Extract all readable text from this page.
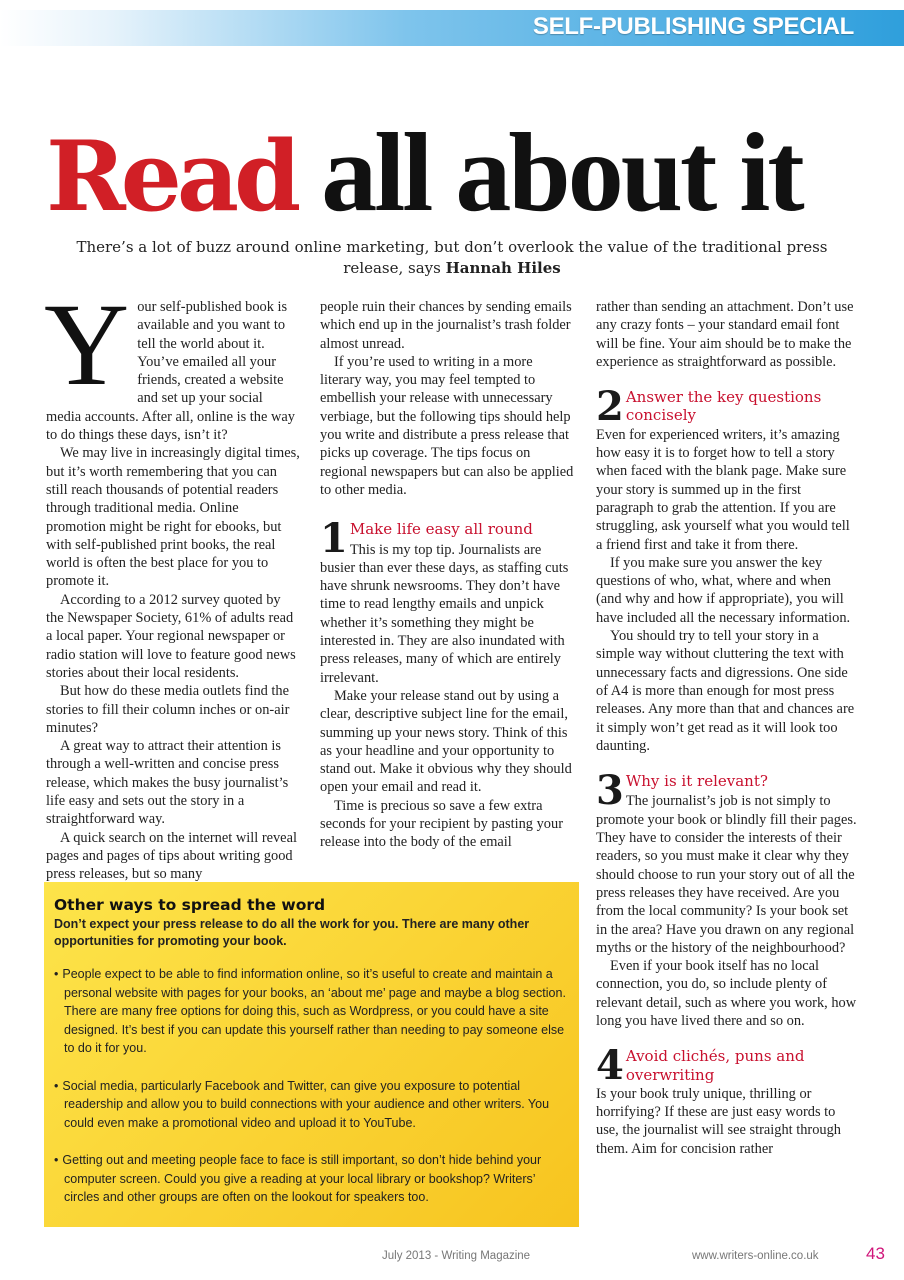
SELF-PUBLISHING SPECIAL
Read all about it
There’s a lot of buzz around online marketing, but don’t overlook the value of the traditional press release, says Hannah Hiles

Your self-published book is available and you want to tell the world about it. You’ve emailed all your friends, created a website and set up your social media accounts. After all, online is the way to do things these days, isn’t it?

We may live in increasingly digital times, but it’s worth remembering that you can still reach thousands of potential readers through traditional media. Online promotion might be right for ebooks, but with self-published print books, the real world is often the best place for you to promote it.

According to a 2012 survey quoted by the Newspaper Society, 61% of adults read a local paper. Your regional newspaper or radio station will love to feature good news stories about their local residents.

But how do these media outlets find the stories to fill their column inches or on-air minutes?

A great way to attract their attention is through a well-written and concise press release, which makes the busy journalist’s life easy and sets out the story in a straightforward way.

A quick search on the internet will reveal pages and pages of tips about writing good press releases, but so many

people ruin their chances by sending emails which end up in the journalist’s trash folder almost unread.

If you’re used to writing in a more literary way, you may feel tempted to embellish your release with unnecessary verbiage, but the following tips should help you write and distribute a press release that picks up coverage. The tips focus on regional newspapers but can also be applied to other media.

1 Make life easy all round

This is my top tip. Journalists are busier than ever these days, as staffing cuts have shrunk newsrooms. They don’t have time to read lengthy emails and unpick whether it’s something they might be interested in. They are also inundated with press releases, many of which are entirely irrelevant.

Make your release stand out by using a clear, descriptive subject line for the email, summing up your news story. Think of this as your headline and your opportunity to stand out. Make it obvious why they should open your email and read it.

Time is precious so save a few extra seconds for your recipient by pasting your release into the body of the email

rather than sending an attachment. Don’t use any crazy fonts – your standard email font will be fine. Your aim should be to make the experience as straightforward as possible.

2 Answer the key questions concisely

Even for experienced writers, it’s amazing how easy it is to forget how to tell a story when faced with the blank page. Make sure your story is summed up in the first paragraph to grab the attention. If you are struggling, ask yourself what you would tell a friend first and take it from there.

If you make sure you answer the key questions of who, what, where and when (and why and how if appropriate), you will have included all the necessary information.

You should try to tell your story in a simple way without cluttering the text with unnecessary facts and digressions. One side of A4 is more than enough for most press releases. Any more than that and chances are it simply won’t get read as it will look too daunting.

3 Why is it relevant?

The journalist’s job is not simply to promote your book or blindly fill their pages. They have to consider the interests of their readers, so you must make it clear why they should choose to run your story out of all the press releases they have received. Are you from the local community? Is your book set in the area? Have you drawn on any regional myths or the history of the neighbourhood?

Even if your book itself has no local connection, you do, so include plenty of relevant detail, such as where you work, how long you have lived there and so on.

4 Avoid clichés, puns and overwriting

Is your book truly unique, thrilling or horrifying? If these are just easy words to use, the journalist will see straight through them. Aim for concision rather

Other ways to spread the word

Don’t expect your press release to do all the work for you. There are many other opportunities for promoting your book.

• People expect to be able to find information online, so it’s useful to create and maintain a personal website with pages for your books, an ‘about me’ page and maybe a blog section. There are many free options for doing this, such as Wordpress, or you could have a site designed. It’s best if you can update this yourself rather than needing to pay someone else to do it for you.
• Social media, particularly Facebook and Twitter, can give you exposure to potential readership and allow you to build connections with your audience and other writers. You could even make a promotional video and upload it to YouTube.
• Getting out and meeting people face to face is still important, so don’t hide behind your computer screen. Could you give a reading at your local library or bookshop? Writers’ circles and other groups are often on the lookout for speakers too.
July 2013 - Writing Magazine	www.writers-online.co.uk	43
